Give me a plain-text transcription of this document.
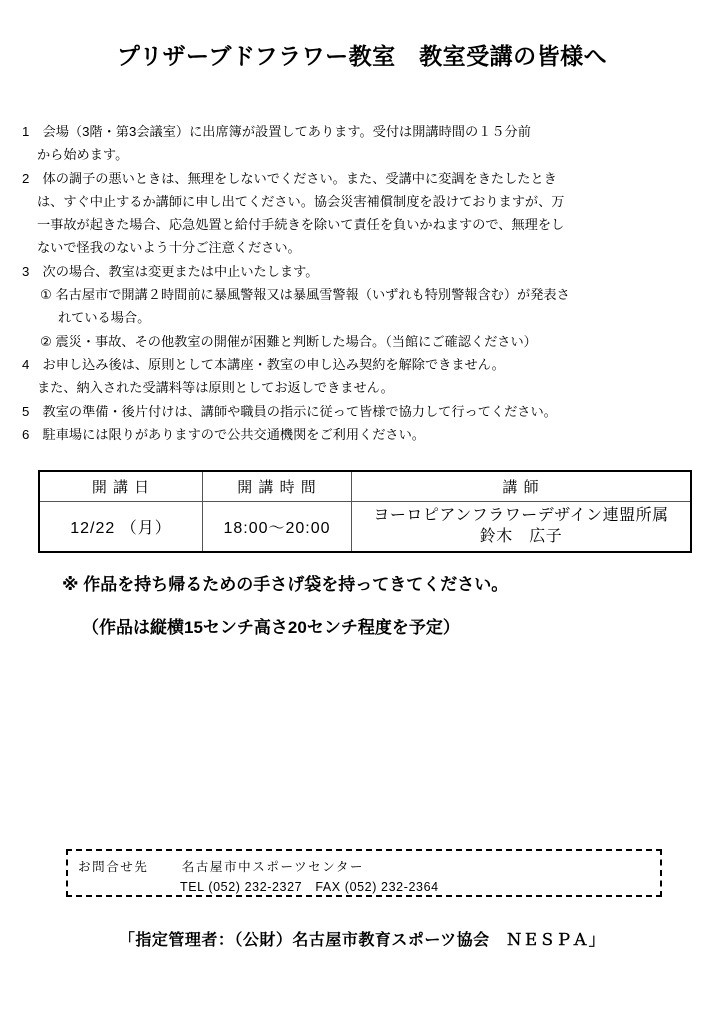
プリザーブドフラワー教室　教室受講の皆様へ
1　会場（3階・第3会議室）に出席簿が設置してあります。受付は開講時間の１５分前
から始めます。
2　体の調子の悪いときは、無理をしないでください。また、受講中に変調をきたしたとき
は、すぐ中止するか講師に申し出てください。協会災害補償制度を設けておりますが、万
一事故が起きた場合、応急処置と給付手続きを除いて責任を負いかねますので、無理をし
ないで怪我のないよう十分ご注意ください。
3　次の場合、教室は変更または中止いたします。
① 名古屋市で開講２時間前に暴風警報又は暴風雪警報（いずれも特別警報含む）が発表さ
れている場合。
② 震災・事故、その他教室の開催が困難と判断した場合。（当館にご確認ください）
4　お申し込み後は、原則として本講座・教室の申し込み契約を解除できません。
また、納入された受講料等は原則としてお返しできません。
5　教室の準備・後片付けは、講師や職員の指示に従って皆様で協力して行ってください。
6　駐車場には限りがありますので公共交通機関をご利用ください。
開 講 日	開 講 時 間	講 師
12/22 （月）	18:00～20:00	ヨーロピアンフラワーデザイン連盟所属
鈴木　広子
※ 作品を持ち帰るための手さげ袋を持ってきてください。
（作品は縦横15センチ高さ20センチ程度を予定）
お問合せ先　　 名古屋市中スポーツセンター
TEL (052) 232-2327　FAX (052) 232-2364
「指定管理者：（公財）名古屋市教育スポーツ協会　ＮＥＳＰＡ」
